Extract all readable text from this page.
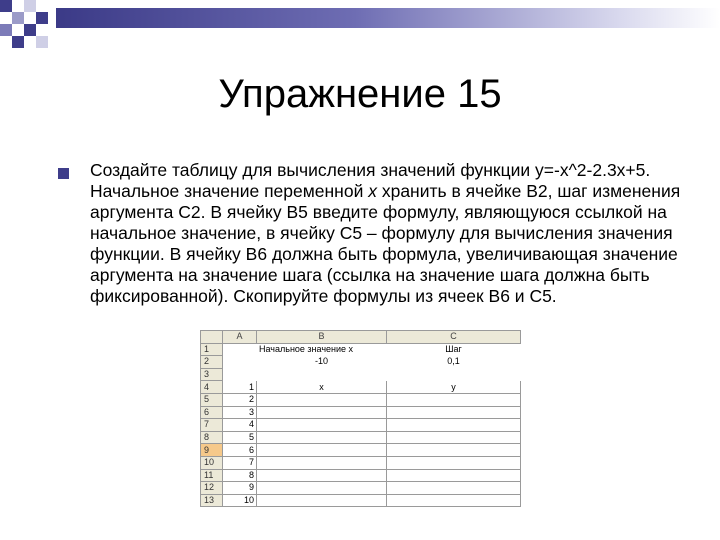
Упражнение 15
Создайте таблицу для вычисления значений функции y=-x^2-2.3x+5. Начальное значение переменной x хранить в ячейке B2, шаг изменения аргумента C2. В ячейку B5 введите формулу, являющуюся ссылкой на начальное значение, в ячейку C5 – формулу для вычисления значения функции. В ячейку B6 должна быть формула, увеличивающая значение аргумента на значение шага (ссылка на значение шага должна быть фиксированной). Скопируйте формулы из ячеек B6 и C5.
	A	B	C
1		Начальное значение x	Шаг
2		-10	0,1
3			
4	1	x	y
5	2		
6	3		
7	4		
8	5		
9	6		
10	7		
11	8		
12	9		
13	10		
